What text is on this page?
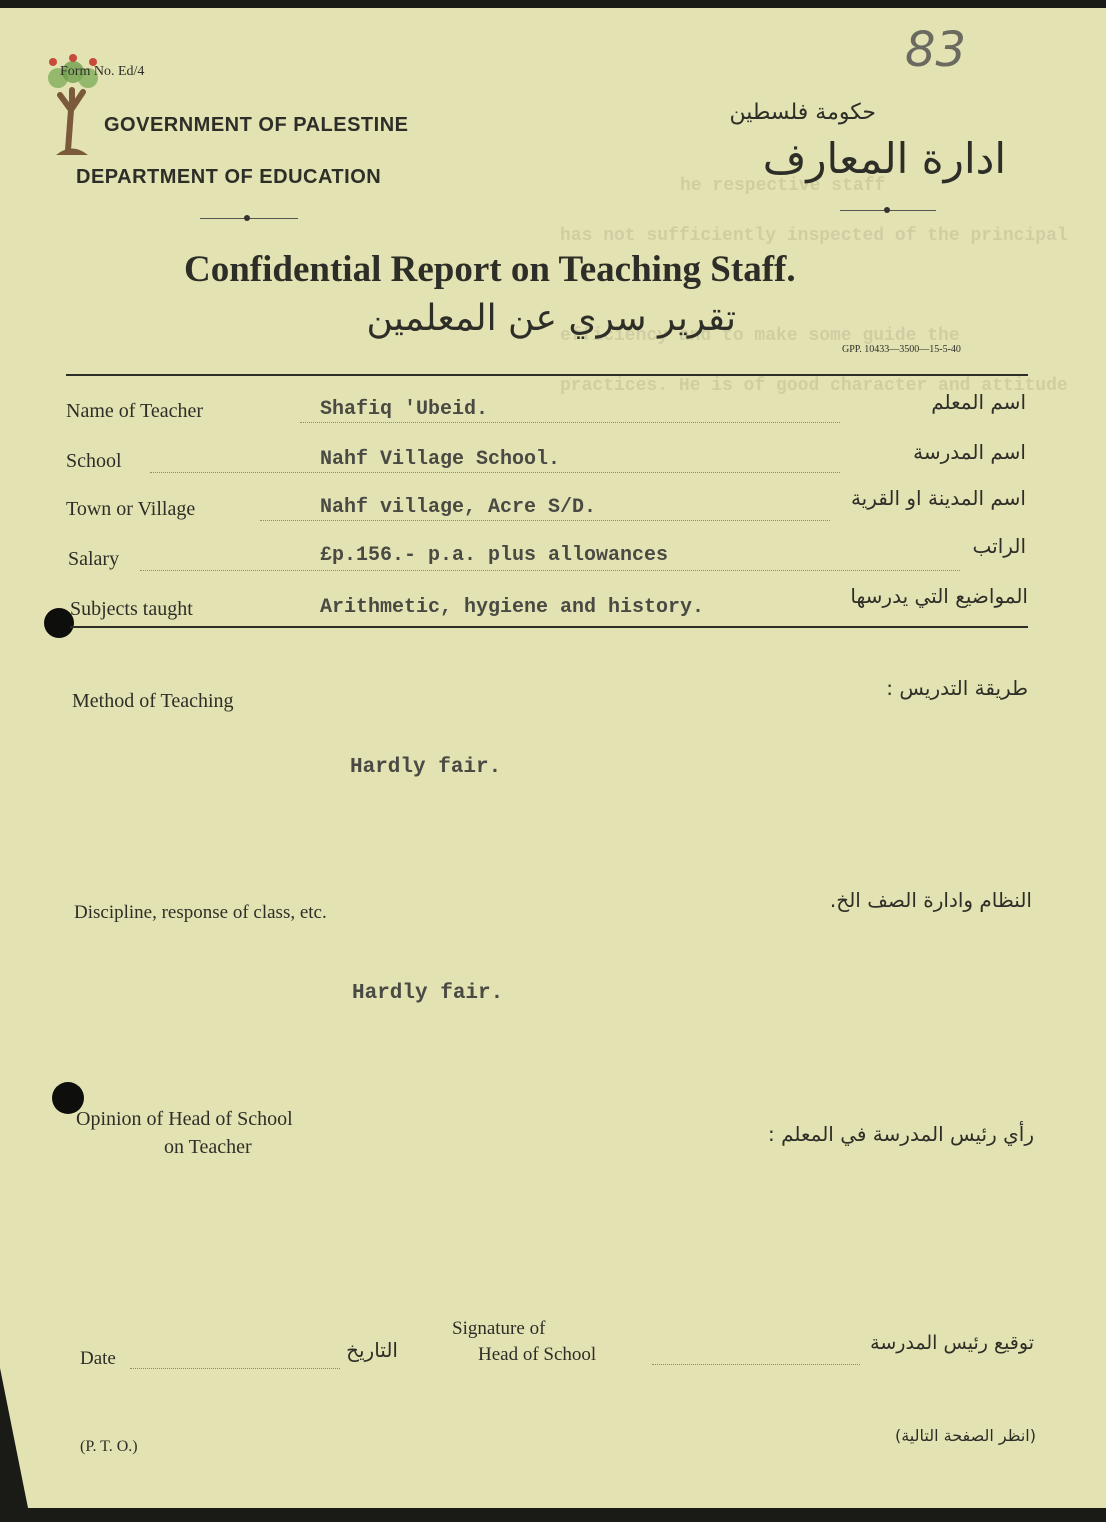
he respective staff
has not sufficiently inspected of the principal
efficiency and to make some guide the
practices. He is of good character and attitude
Form No. Ed/4
GOVERNMENT OF PALESTINE
DEPARTMENT OF EDUCATION
83
حكومة فلسطين
ادارة المعارف
Confidential Report on Teaching Staff.
تقرير سري عن المعلمين
GPP. 10433—3500—15-5-40
Name of Teacher	Shafiq 'Ubeid.	اسم المعلم
School	Nahf Village School.	اسم المدرسة
Town or Village	Nahf village, Acre S/D.	اسم المدينة او القرية
Salary	£p.156.- p.a. plus allowances	الراتب
Subjects taught	Arithmetic, hygiene and history.	المواضيع التي يدرسها
Method of Teaching
طريقة التدريس :
Hardly fair.
Discipline, response of class, etc.
النظام وادارة الصف الخ.
Hardly fair.
Opinion of Head of School
on Teacher
رأي رئيس المدرسة في المعلم :
Date	التاريخ
Signature of
Head of School
توقيع رئيس المدرسة
(P. T. O.)
(انظر الصفحة التالية)
